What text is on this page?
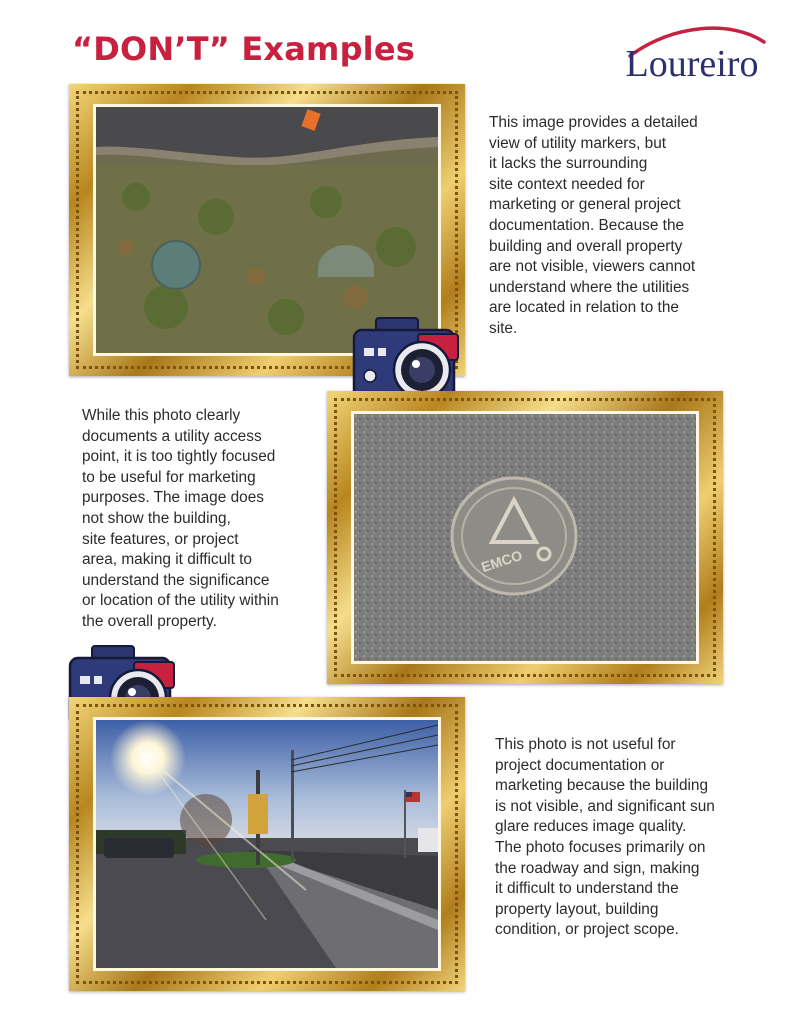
“DON’T” Examples	Loureiro
This image provides a detailed
view of utility markers, but
it lacks the surrounding
site context needed for
marketing or general project
documentation. Because the
building and overall property
are not visible, viewers cannot
understand where the utilities
are located in relation to the
site.
EMCO
While this photo clearly
documents a utility access
point, it is too tightly focused
to be useful for marketing
purposes. The image does
not show the building,
site features, or project
area, making it difficult to
understand the significance
or location of the utility within
the overall property.
This photo is not useful for
project documentation or
marketing because the building
is not visible, and significant sun
glare reduces image quality.
The photo focuses primarily on
the roadway and sign, making
it difficult to understand the
property layout, building
condition, or project scope.
